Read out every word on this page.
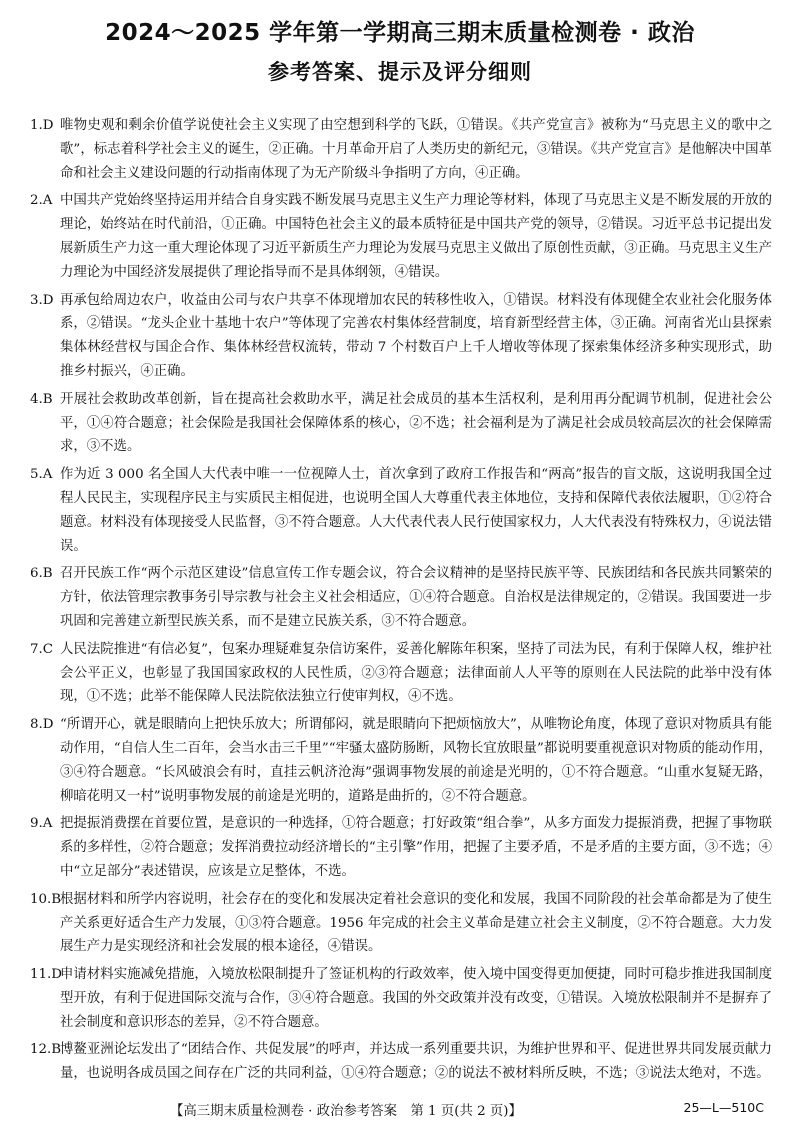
2024～2025 学年第一学期高三期末质量检测卷 · 政治
参考答案、提示及评分细则
1.D 唯物史观和剩余价值学说使社会主义实现了由空想到科学的飞跃，①错误。《共产党宣言》被称为“马克思主义的歌中之歌”，标志着科学社会主义的诞生，②正确。十月革命开启了人类历史的新纪元，③错误。《共产党宣言》是他解决中国革命和社会主义建设问题的行动指南体现了为无产阶级斗争指明了方向，④正确。
2.A 中国共产党始终坚持运用并结合自身实践不断发展马克思主义生产力理论等材料，体现了马克思主义是不断发展的开放的理论，始终站在时代前沿，①正确。中国特色社会主义的最本质特征是中国共产党的领导，②错误。习近平总书记提出发展新质生产力这一重大理论体现了习近平新质生产力理论为发展马克思主义做出了原创性贡献，③正确。马克思主义生产力理论为中国经济发展提供了理论指导而不是具体纲领，④错误。
3.D 再承包给周边农户，收益由公司与农户共享不体现增加农民的转移性收入，①错误。材料没有体现健全农业社会化服务体系，②错误。“龙头企业十基地十农户”等体现了完善农村集体经营制度，培育新型经营主体，③正确。河南省光山县探索集体林经营权与国企合作、集体林经营权流转，带动 7 个村数百户上千人增收等体现了探索集体经济多种实现形式，助推乡村振兴，④正确。
4.B 开展社会救助改革创新，旨在提高社会救助水平，满足社会成员的基本生活权利，是利用再分配调节机制，促进社会公平，①④符合题意；社会保险是我国社会保障体系的核心，②不选；社会福利是为了满足社会成员较高层次的社会保障需求，③不选。
5.A 作为近 3 000 名全国人大代表中唯一一位视障人士，首次拿到了政府工作报告和“两高”报告的盲文版，这说明我国全过程人民民主，实现程序民主与实质民主相促进，也说明全国人大尊重代表主体地位，支持和保障代表依法履职，①②符合题意。材料没有体现接受人民监督，③不符合题意。人大代表代表人民行使国家权力，人大代表没有特殊权力，④说法错误。
6.B 召开民族工作“两个示范区建设”信息宣传工作专题会议，符合会议精神的是坚持民族平等、民族团结和各民族共同繁荣的方针，依法管理宗教事务引导宗教与社会主义社会相适应，①④符合题意。自治权是法律规定的，②错误。我国要进一步巩固和完善建立新型民族关系，而不是建立民族关系，③不符合题意。
7.C 人民法院推进“有信必复”，包案办理疑难复杂信访案件，妥善化解陈年积案，坚持了司法为民，有利于保障人权，维护社会公平正义，也彰显了我国国家政权的人民性质，②③符合题意；法律面前人人平等的原则在人民法院的此举中没有体现，①不选；此举不能保障人民法院依法独立行使审判权，④不选。
8.D “所谓开心，就是眼睛向上把快乐放大；所谓郁闷，就是眼睛向下把烦恼放大”，从唯物论角度，体现了意识对物质具有能动作用，“自信人生二百年，会当水击三千里”“牢骚太盛防肠断，风物长宜放眼量”都说明要重视意识对物质的能动作用，③④符合题意。“长风破浪会有时，直挂云帆济沧海”强调事物发展的前途是光明的，①不符合题意。“山重水复疑无路，柳暗花明又一村”说明事物发展的前途是光明的，道路是曲折的，②不符合题意。
9.A 把提振消费摆在首要位置，是意识的一种选择，①符合题意；打好政策“组合拳”，从多方面发力提振消费，把握了事物联系的多样性，②符合题意；发挥消费拉动经济增长的“主引擎”作用，把握了主要矛盾，不是矛盾的主要方面，③不选；④中“立足部分”表述错误，应该是立足整体，不选。
10.B
根据材料和所学内容说明，社会存在的变化和发展决定着社会意识的变化和发展，我国不同阶段的社会革命都是为了使生产关系更好适合生产力发展，①③符合题意。1956 年完成的社会主义革命是建立社会主义制度，②不符合题意。大力发展生产力是实现经济和社会发展的根本途径，④错误。
11.D
申请材料实施减免措施，入境放松限制提升了签证机构的行政效率，使入境中国变得更加便捷，同时可稳步推进我国制度型开放，有利于促进国际交流与合作，③④符合题意。我国的外交政策并没有改变，①错误。入境放松限制并不是摒弃了社会制度和意识形态的差异，②不符合题意。
12.B
博鳌亚洲论坛发出了“团结合作、共促发展”的呼声，并达成一系列重要共识，为维护世界和平、促进世界共同发展贡献力量，也说明各成员国之间存在广泛的共同利益，①④符合题意；②的说法不被材料所反映，不选；③说法太绝对，不选。
【高三期末质量检测卷 · 政治参考答案　第 1 页(共 2 页)】	25—L—510C
